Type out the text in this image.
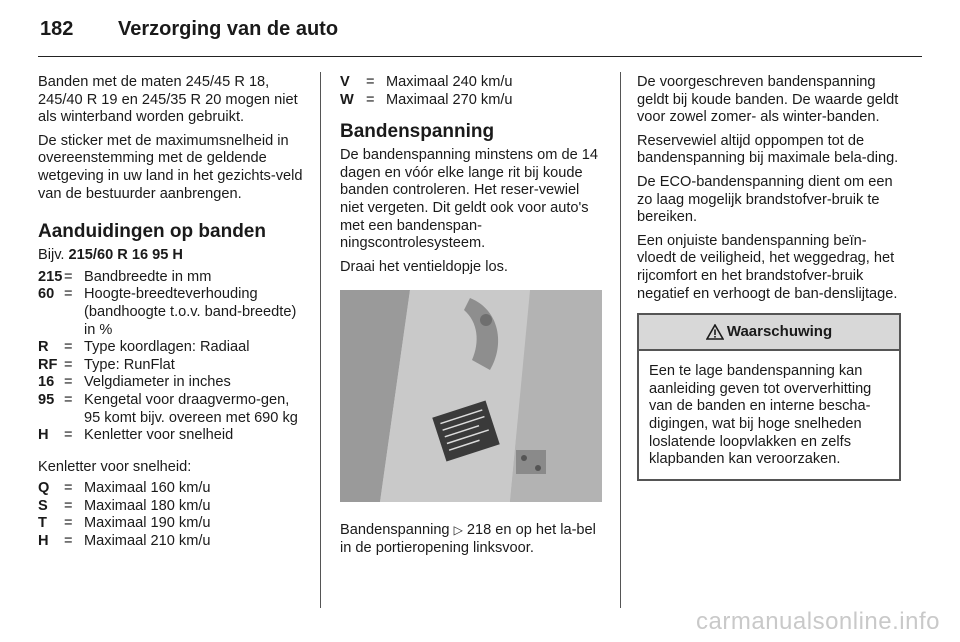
182 Verzorging van de auto

Banden met de maten 245/45 R 18, 245/40 R 19 en 245/35 R 20 mogen niet als winterband worden gebruikt.

De sticker met de maximumsnelheid in overeenstemming met de geldende wetgeving in uw land in het gezichts-veld van de bestuurder aanbrengen.

Aanduidingen op banden
Bijv. 215/60 R 16 95 H
215 = Bandbreedte in mm
60 = Hoogte-breedteverhouding (bandhoogte t.o.v. band-breedte) in %
R	= Type koordlagen: Radiaal
RF = Type: RunFlat
16 = Velgdiameter in inches
95 = Kengetal voor draagvermo-gen, 95 komt bijv. overeen met 690 kg
H	= Kenletter voor snelheid

Kenletter voor snelheid:

Q	= Maximaal 160 km/u
S	= Maximaal 180 km/u
T	= Maximaal 190 km/u
H	= Maximaal 210 km/u
V	= Maximaal 240 km/u
W = Maximaal 270 km/u
Bandenspanning

De bandenspanning minstens om de 14 dagen en vóór elke lange rit bij koude banden controleren. Het reser-vewiel niet vergeten. Dit geldt ook voor auto's met een bandenspan-ningscontrolesysteem.

Draai het ventieldopje los.

Bandenspanning ▷ 218 en op het la-bel in de portieropening linksvoor.

De voorgeschreven bandenspanning geldt bij koude banden. De waarde geldt voor zowel zomer- als winter-banden.

Reservewiel altijd oppompen tot de bandenspanning bij maximale bela-ding.

De ECO-bandenspanning dient om een zo laag mogelijk brandstofver-bruik te bereiken.

Een onjuiste bandenspanning beïn-vloedt de veiligheid, het weggedrag, het rijcomfort en het brandstofver-bruik negatief en verhoogt de ban-denslijtage.

Waarschuwing
Een te lage bandenspanning kan aanleiding geven tot oververhitting van de banden en interne bescha-digingen, wat bij hoge snelheden loslatende loopvlakken en zelfs klapbanden kan veroorzaken.
carmanualsonline.info
